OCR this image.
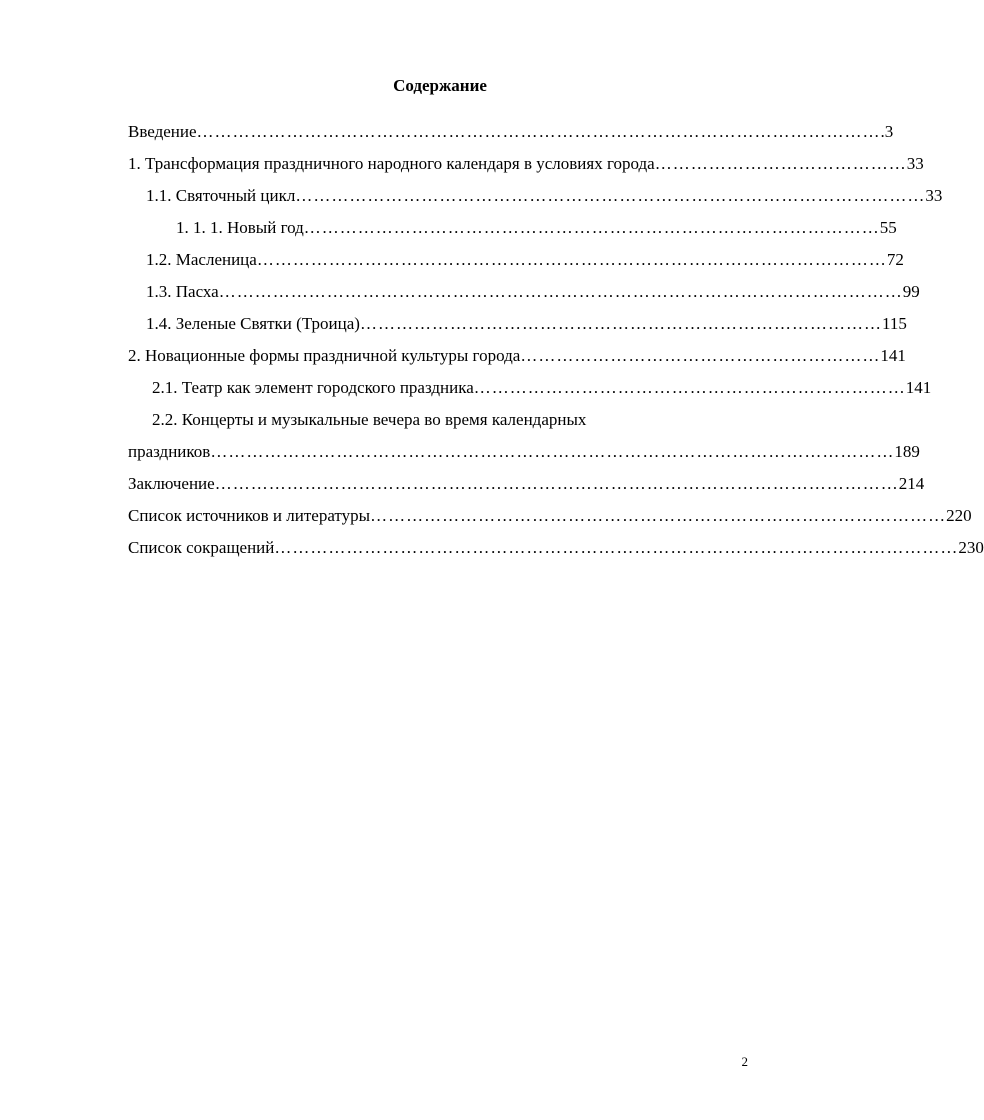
Содержание
Введение …………………………………………………………………………………………………… .3
1. Трансформация праздничного народного календаря в условиях города …………………………………… 33
1.1. Святочный цикл …………………………………………………………………………………………… 33
1. 1. 1. Новый год …………………………………………………………………………………… 55
1.2. Масленица …………………………………………………………………………………………… 72
1.3. Пасха …………………………………………………………………………………………………… 99
1.4. Зеленые Святки (Троица) …………………………………………………………………………… 115
2. Новационные формы праздничной культуры города …………………………………………………… 141
2.1. Театр как элемент городского праздника ……………………………………………………………… 141
2.2. Концерты и музыкальные вечера во время календарных
праздников …………………………………………………………………………………………………… 189
Заключение …………………………………………………………………………………………………… 214
Список источников и литературы …………………………………………………………………………………… 220
Список сокращений …………………………………………………………………………………………………… 230
2
